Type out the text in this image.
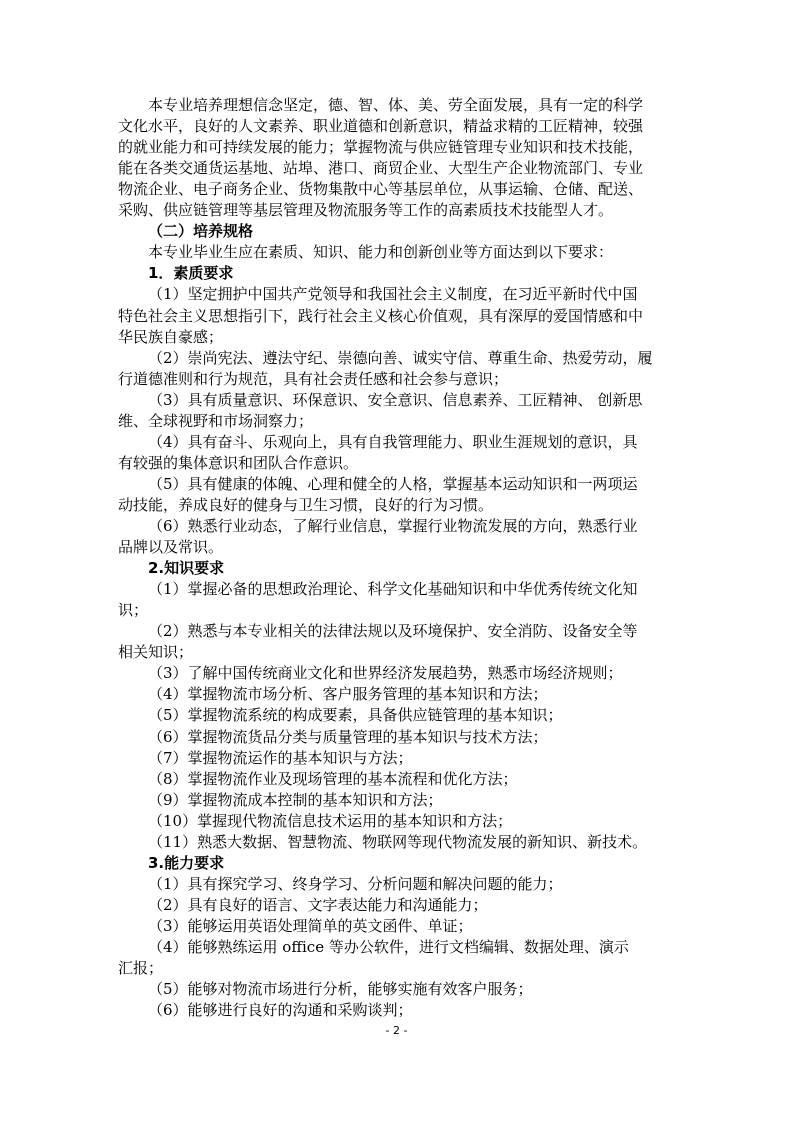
本专业培养理想信念坚定，德、智、体、美、劳全面发展，具有一定的科学
文化水平，良好的人文素养、职业道德和创新意识，精益求精的工匠精神，较强
的就业能力和可持续发展的能力；掌握物流与供应链管理专业知识和技术技能，
能在各类交通货运基地、站埠、港口、商贸企业、大型生产企业物流部门、专业
物流企业、电子商务企业、货物集散中心等基层单位，从事运输、仓储、配送、
采购、供应链管理等基层管理及物流服务等工作的高素质技术技能型人才。
（二）培养规格
本专业毕业生应在素质、知识、能力和创新创业等方面达到以下要求：
1．素质要求
（1）坚定拥护中国共产党领导和我国社会主义制度，在习近平新时代中国
特色社会主义思想指引下，践行社会主义核心价值观，具有深厚的爱国情感和中
华民族自豪感；
（2）崇尚宪法、遵法守纪、崇德向善、诚实守信、尊重生命、热爱劳动，履
行道德准则和行为规范，具有社会责任感和社会参与意识；
（3）具有质量意识、环保意识、安全意识、信息素养、工匠精神、 创新思
维、全球视野和市场洞察力；
（4）具有奋斗、乐观向上，具有自我管理能力、职业生涯规划的意识，具
有较强的集体意识和团队合作意识。
（5）具有健康的体魄、心理和健全的人格，掌握基本运动知识和一两项运
动技能，养成良好的健身与卫生习惯，良好的行为习惯。
（6）熟悉行业动态，了解行业信息，掌握行业物流发展的方向，熟悉行业
品牌以及常识。
2.知识要求
（1）掌握必备的思想政治理论、科学文化基础知识和中华优秀传统文化知
识；
（2）熟悉与本专业相关的法律法规以及环境保护、安全消防、设备安全等
相关知识；
（3）了解中国传统商业文化和世界经济发展趋势，熟悉市场经济规则；
（4）掌握物流市场分析、客户服务管理的基本知识和方法；
（5）掌握物流系统的构成要素，具备供应链管理的基本知识；
（6）掌握物流货品分类与质量管理的基本知识与技术方法；
（7）掌握物流运作的基本知识与方法；
（8）掌握物流作业及现场管理的基本流程和优化方法；
（9）掌握物流成本控制的基本知识和方法；
（10）掌握现代物流信息技术运用的基本知识和方法；
（11）熟悉大数据、智慧物流、物联网等现代物流发展的新知识、新技术。
3.能力要求
（1）具有探究学习、终身学习、分析问题和解决问题的能力；
（2）具有良好的语言、文字表达能力和沟通能力；
（3）能够运用英语处理简单的英文函件、单证；
（4）能够熟练运用 office 等办公软件，进行文档编辑、数据处理、演示
汇报；
（5）能够对物流市场进行分析，能够实施有效客户服务；
（6）能够进行良好的沟通和采购谈判；
- 2 -
